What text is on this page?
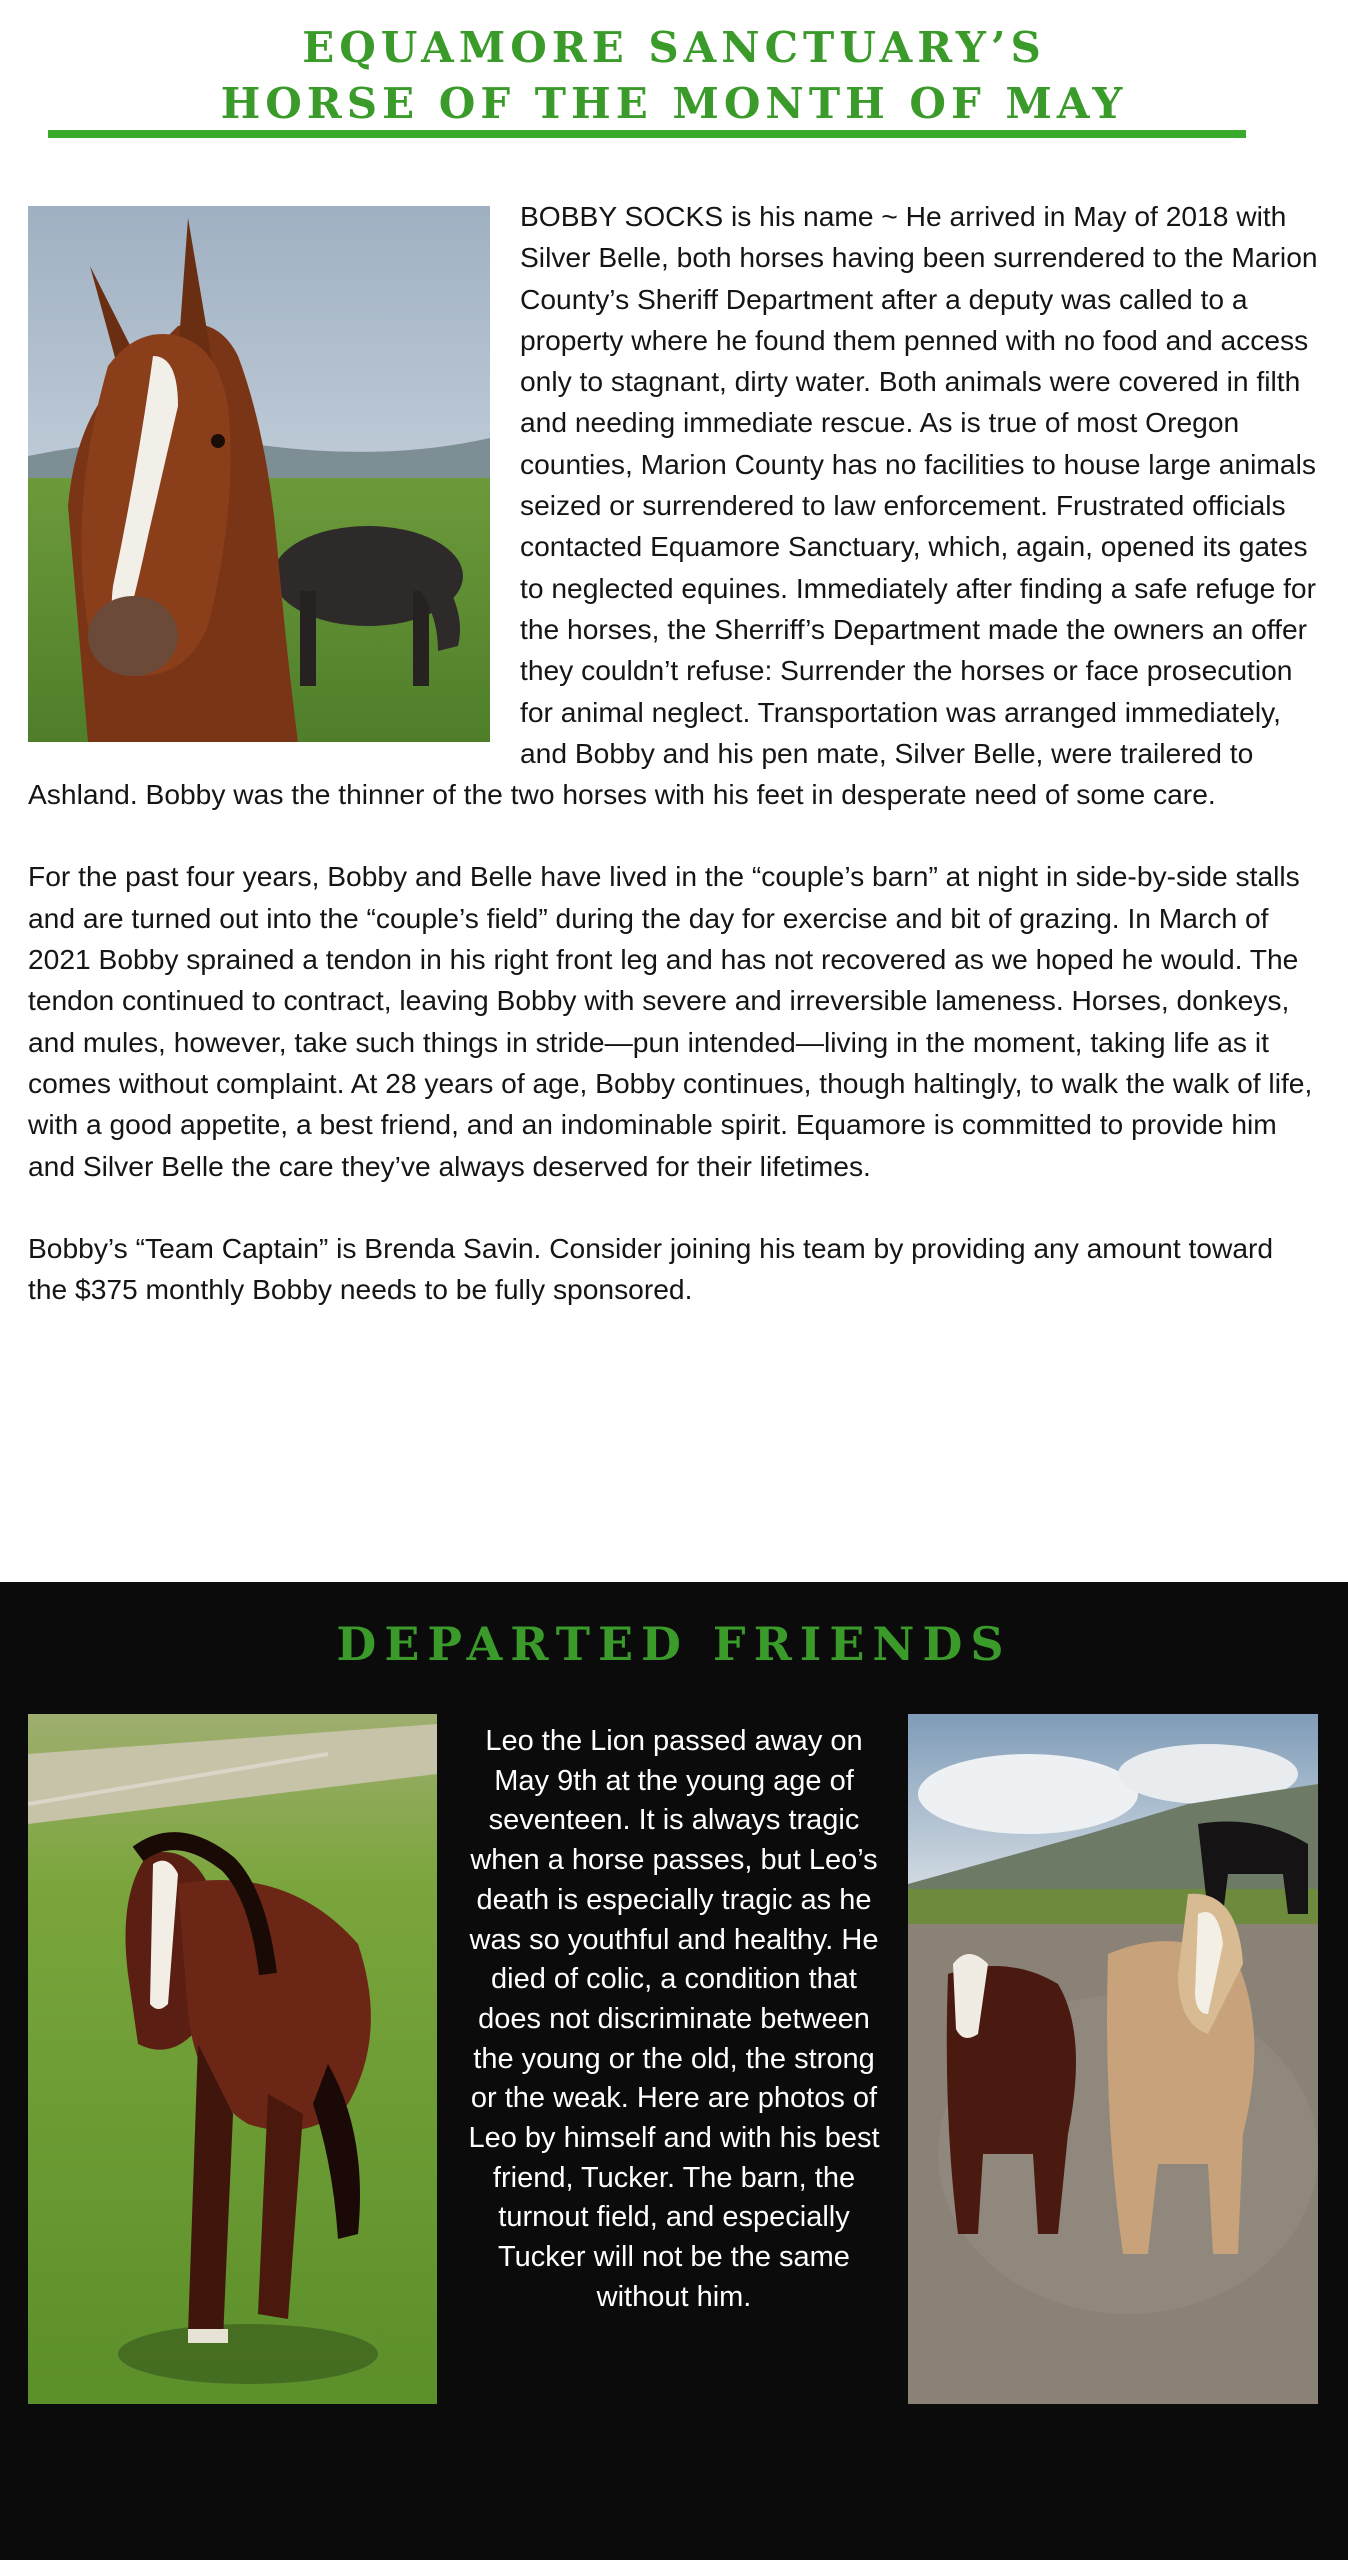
EQUAMORE SANCTUARY’S
HORSE OF THE MONTH OF MAY

BOBBY SOCKS is his name ~ He arrived in May of 2018 with Silver Belle, both horses having been surrendered to the Marion County’s Sheriff Department after a deputy was called to a property where he found them penned with no food and access only to stagnant, dirty water. Both animals were covered in filth and needing immediate rescue. As is true of most Oregon counties, Marion County has no facilities to house large animals seized or surrendered to law enforcement. Frustrated officials contacted Equamore Sanctuary, which, again, opened its gates to neglected equines. Immediately after finding a safe refuge for the horses, the Sherriff’s Department made the owners an offer they couldn’t refuse: Surrender the horses or face prosecution for animal neglect. Transportation was arranged immediately, and Bobby and his pen mate, Silver Belle, were trailered to Ashland. Bobby was the thinner of the two horses with his feet in desperate need of some care.

For the past four years, Bobby and Belle have lived in the “couple’s barn” at night in side-by-side stalls and are turned out into the “couple’s field” during the day for exercise and bit of grazing. In March of 2021 Bobby sprained a tendon in his right front leg and has not recovered as we hoped he would. The tendon continued to contract, leaving Bobby with severe and irreversible lameness. Horses, donkeys, and mules, however, take such things in stride—pun intended—living in the moment, taking life as it comes without complaint. At 28 years of age, Bobby continues, though haltingly, to walk the walk of life, with a good appetite, a best friend, and an indominable spirit. Equamore is committed to provide him and Silver Belle the care they’ve always deserved for their lifetimes.

Bobby’s “Team Captain” is Brenda Savin. Consider joining his team by providing any amount toward the $375 monthly Bobby needs to be fully sponsored.

DEPARTED FRIENDS
Leo the Lion passed away on May 9th at the young age of seventeen. It is always tragic when a horse passes, but Leo’s death is especially tragic as he was so youthful and healthy. He died of colic, a condition that does not discriminate between the young or the old, the strong or the weak. Here are photos of Leo by himself and with his best friend, Tucker. The barn, the turnout field, and especially Tucker will not be the same without him.
